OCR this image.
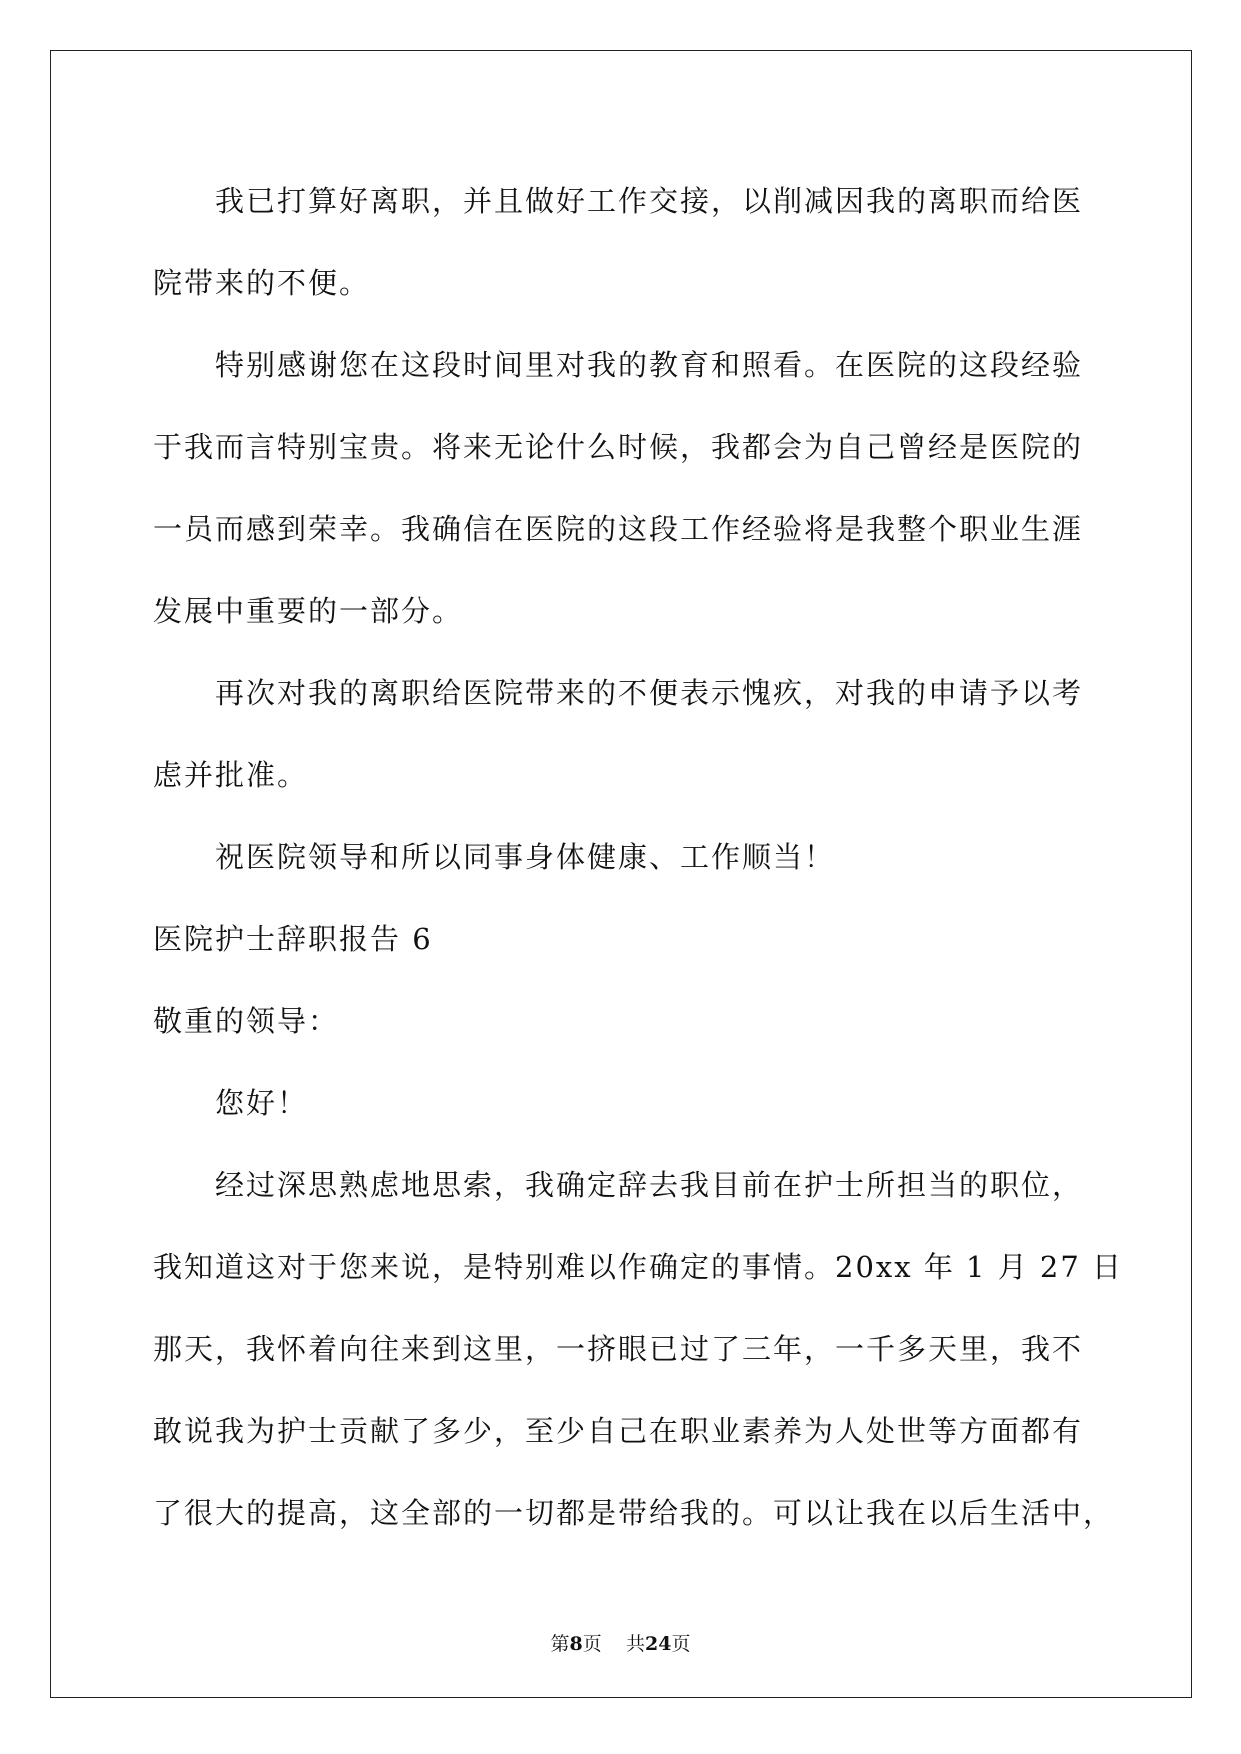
我已打算好离职，并且做好工作交接，以削减因我的离职而给医
院带来的不便。
特别感谢您在这段时间里对我的教育和照看。在医院的这段经验
于我而言特别宝贵。将来无论什么时候，我都会为自己曾经是医院的
一员而感到荣幸。我确信在医院的这段工作经验将是我整个职业生涯
发展中重要的一部分。
再次对我的离职给医院带来的不便表示愧疚，对我的申请予以考
虑并批准。
祝医院领导和所以同事身体健康、工作顺当！
医院护士辞职报告 6
敬重的领导：
您好！
经过深思熟虑地思索，我确定辞去我目前在护士所担当的职位，
我知道这对于您来说，是特别难以作确定的事情。20xx 年 1 月 27 日
那天，我怀着向往来到这里，一挤眼已过了三年，一千多天里，我不
敢说我为护士贡献了多少，至少自己在职业素养为人处世等方面都有
了很大的提高，这全部的一切都是带给我的。可以让我在以后生活中，
第8页 共24页
